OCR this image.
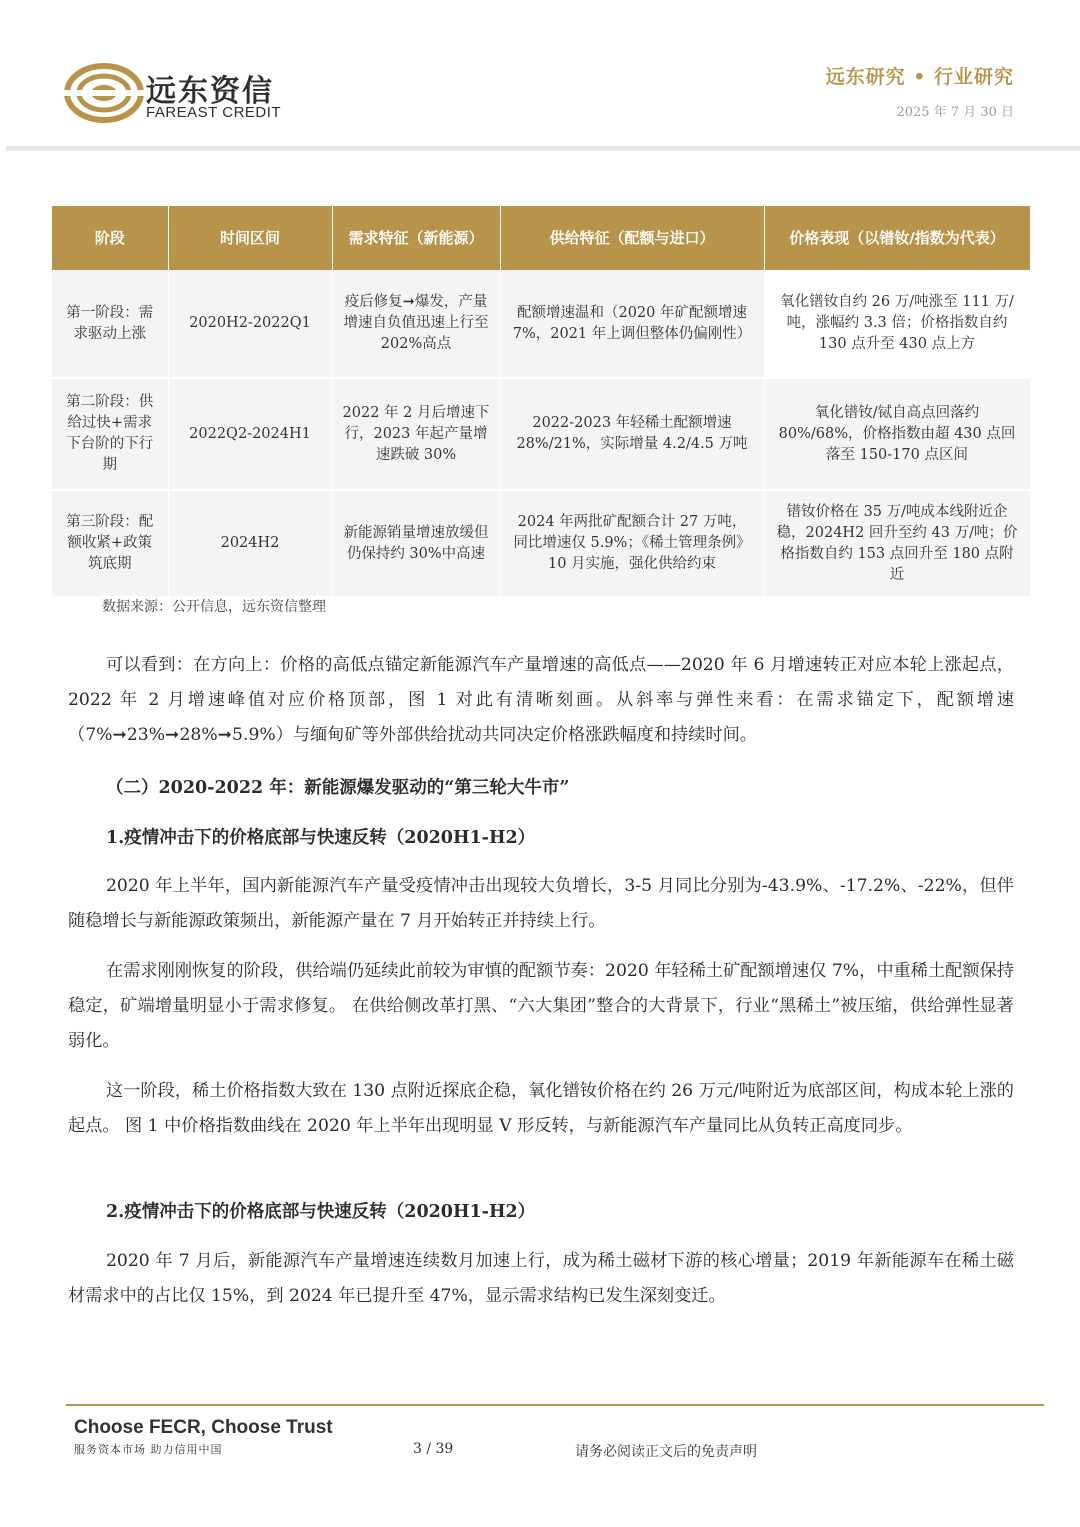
远东资信
FAREAST CREDIT
远东研究 • 行业研究
2025 年 7 月 30 日
阶段	时间区间	需求特征（新能源）	供给特征（配额与进口）	价格表现（以镨钕/指数为代表）
第一阶段：需求驱动上涨	2020H2-2022Q1	疫后修复➞爆发，产量增速自负值迅速上行至 202%高点	配额增速温和（2020 年矿配额增速 7%，2021 年上调但整体仍偏刚性）	氧化镨钕自约 26 万/吨涨至 111 万/吨，涨幅约 3.3 倍；价格指数自约 130 点升至 430 点上方
第二阶段：供给过快+需求下台阶的下行期	2022Q2-2024H1	2022 年 2 月后增速下行，2023 年起产量增速跌破 30%	2022-2023 年轻稀土配额增速 28%/21%，实际增量 4.2/4.5 万吨	氧化镨钕/铽自高点回落约 80%/68%，价格指数由超 430 点回落至 150-170 点区间
第三阶段：配额收紧+政策筑底期	2024H2	新能源销量增速放缓但仍保持约 30%中高速	2024 年两批矿配额合计 27 万吨，同比增速仅 5.9%；《稀土管理条例》10 月实施，强化供给约束	镨钕价格在 35 万/吨成本线附近企稳，2024H2 回升至约 43 万/吨；价格指数自约 153 点回升至 180 点附近
数据来源：公开信息，远东资信整理

可以看到：在方向上：价格的高低点锚定新能源汽车产量增速的高低点——2020 年 6 月增速转正对应本轮上涨起点，2022 年 2 月增速峰值对应价格顶部，图 1 对此有清晰刻画。从斜率与弹性来看：在需求锚定下，配额增速（7%➞23%➞28%➞5.9%）与缅甸矿等外部供给扰动共同决定价格涨跌幅度和持续时间。

（二）2020-2022 年：新能源爆发驱动的“第三轮大牛市”

1.疫情冲击下的价格底部与快速反转（2020H1-H2）

2020 年上半年，国内新能源汽车产量受疫情冲击出现较大负增长，3-5 月同比分别为-43.9%、-17.2%、-22%，但伴随稳增长与新能源政策频出，新能源产量在 7 月开始转正并持续上行。

在需求刚刚恢复的阶段，供给端仍延续此前较为审慎的配额节奏：2020 年轻稀土矿配额增速仅 7%，中重稀土配额保持稳定，矿端增量明显小于需求修复。 在供给侧改革打黑、“六大集团”整合的大背景下，行业“黑稀土”被压缩，供给弹性显著弱化。

这一阶段，稀土价格指数大致在 130 点附近探底企稳，氧化镨钕价格在约 26 万元/吨附近为底部区间，构成本轮上涨的起点。 图 1 中价格指数曲线在 2020 年上半年出现明显 V 形反转，与新能源汽车产量同比从负转正高度同步。

2.疫情冲击下的价格底部与快速反转（2020H1-H2）

2020 年 7 月后，新能源汽车产量增速连续数月加速上行，成为稀土磁材下游的核心增量；2019 年新能源车在稀土磁材需求中的占比仅 15%，到 2024 年已提升至 47%，显示需求结构已发生深刻变迁。

Choose FECR, Choose Trust
服务资本市场 助力信用中国	3 / 39	请务必阅读正文后的免责声明
